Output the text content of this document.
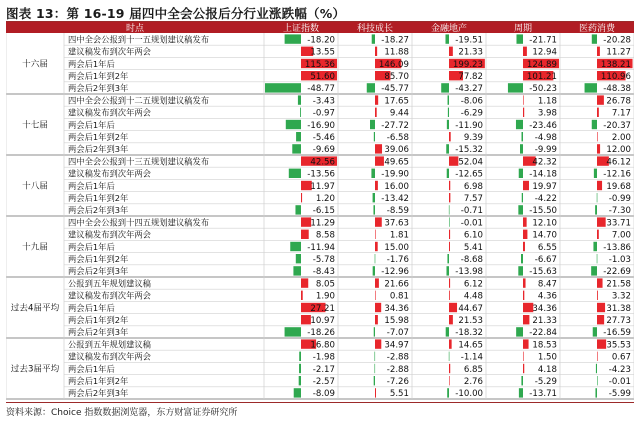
图表 13：第 16-19 届四中全会公报后分行业涨跌幅（%）
时点	上证指数	科技成长	金融地产	周期	医药消费
四中全会公报到十一五规划建议稿发布	-18.20	-18.27	-19.51	-21.71	-20.28
建议稿发布到次年两会	13.55	11.88	21.33	12.94	11.27
两会后1年后	115.36	146.09	199.23	124.89	138.21
两会后1年到2年	51.60	85.70	77.82	101.21	110.96
两会后2年到3年	-48.77	-45.77	-43.27	-50.23	-48.38
十六届
四中全会公报到十二五规划建议稿发布	-3.43	17.65	-8.06	1.18	26.78
建议稿发布到次年两会	-0.97	9.44	-6.29	3.98	7.17
两会后1年后	-16.90	-27.72	-11.90	-23.46	-20.37
两会后1年到2年	-5.46	-6.58	9.39	-4.98	2.00
两会后2年到3年	-9.69	39.06	-15.32	-9.99	12.00
十七届
四中全会公报到十三五规划建议稿发布	42.56	49.65	52.04	42.32	46.12
建议稿发布到次年两会	-13.56	-19.90	-12.65	-14.18	-12.16
两会后1年后	11.97	16.00	6.98	19.97	19.68
两会后1年到2年	1.20	-13.42	7.57	-4.22	-0.99
两会后2年到3年	-6.15	-8.59	-0.71	-15.50	-7.30
十八届
四中全会公报到十四五规划建议稿发布	11.29	37.63	-0.01	12.10	33.71
建议稿发布到次年两会	8.58	1.81	6.10	14.70	7.00
两会后1年后	-11.94	15.00	5.41	6.55	-13.86
两会后1年到2年	-5.78	-1.76	-8.68	-6.67	-1.03
两会后2年到3年	-8.43	-12.96	-13.98	-15.63	-22.69
十九届
公报到五年规划建议稿	8.05	21.66	6.12	8.47	21.58
建议稿发布到次年两会	1.90	0.81	4.48	4.36	3.32
两会后1年后	27.21	34.36	44.67	34.36	31.38
两会后1年到2年	10.97	15.98	21.53	21.33	27.73
两会后2年到3年	-18.26	-7.07	-18.32	-22.84	-16.59
过去4届平均
公报到五年规划建议稿	16.80	34.97	14.65	18.53	35.53
建议稿发布到次年两会	-1.98	-2.88	-1.14	1.50	0.67
两会后1年后	-2.17	-2.88	6.85	4.18	-4.23
两会后1年到2年	-2.57	-7.26	2.76	-5.29	-0.01
两会后2年到3年	-8.09	5.51	-10.00	-13.71	-5.99
过去3届平均
资料来源：Choice 指数数据浏览器，东方财富证券研究所
